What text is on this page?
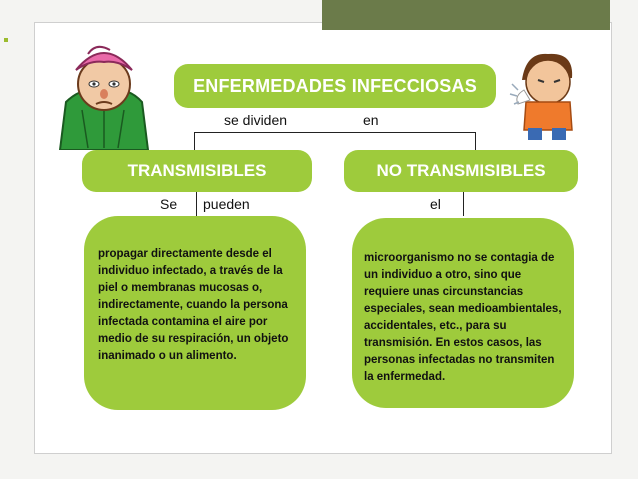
ENFERMEDADES INFECCIOSAS
se dividen	en
TRANSMISIBLES	NO TRANSMISIBLES
Se pueden	el
propagar directamente desde el individuo infectado, a través de la piel o membranas mucosas o, indirectamente, cuando la persona infectada contamina el aire por medio de su respiración, un objeto inanimado o un alimento.
microorganismo no se contagia de un individuo a otro, sino que requiere unas circunstancias especiales, sean medioambientales, accidentales, etc., para su transmisión. En estos casos, las personas infectadas no transmiten la enfermedad.
